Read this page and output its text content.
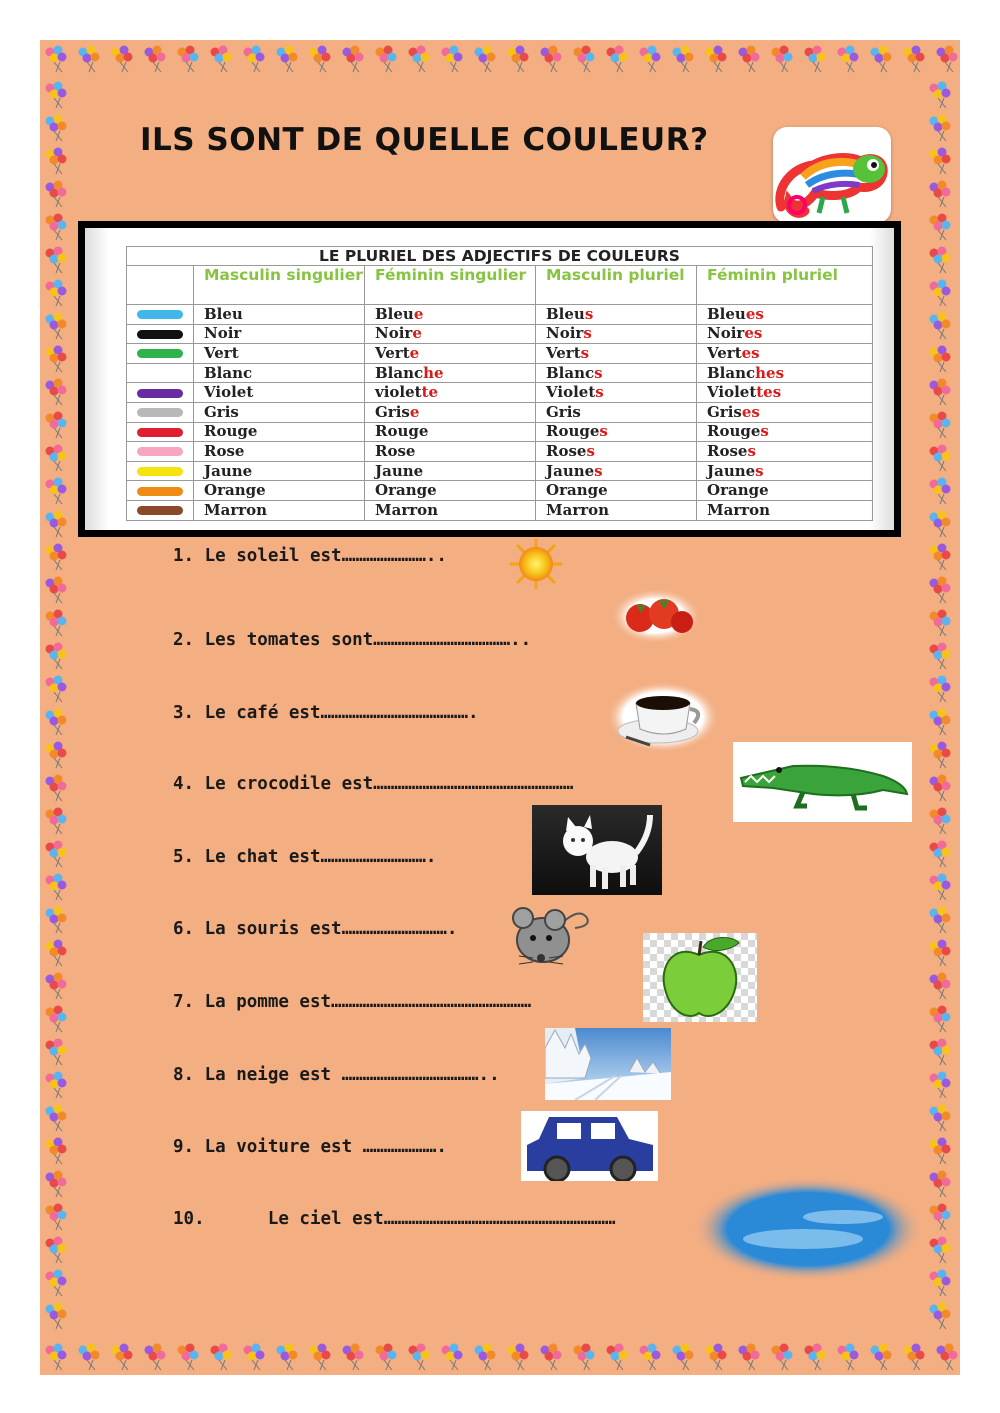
ILS SONT DE QUELLE COULEUR?
LE PLURIEL DES ADJECTIFS DE COULEURS				
	Masculin singulier	Féminin singulier	Masculin pluriel	Féminin pluriel
	Bleu	Bleue	Bleus	Bleues
	Noir	Noire	Noirs	Noires
	Vert	Verte	Verts	Vertes
	Blanc	Blanche	Blancs	Blanches
	Violet	violette	Violets	Violettes
	Gris	Grise	Gris	Grises
	Rouge	Rouge	Rouges	Rouges
	Rose	Rose	Roses	Roses
	Jaune	Jaune	Jaunes	Jaunes
	Orange	Orange	Orange	Orange
	Marron	Marron	Marron	Marron
1. Le soleil est……………………..
2. Les tomates sont…………………………………..
3. Le café est…………………………………….
4. Le crocodile est…………………………………………………
5. Le chat est………………………….
6. La souris est………………………….
7. La pomme est…………………………………………………
8. La neige est …………………………………..
9. La voiture est ………………….
10.      Le ciel est…………………………………………………………
